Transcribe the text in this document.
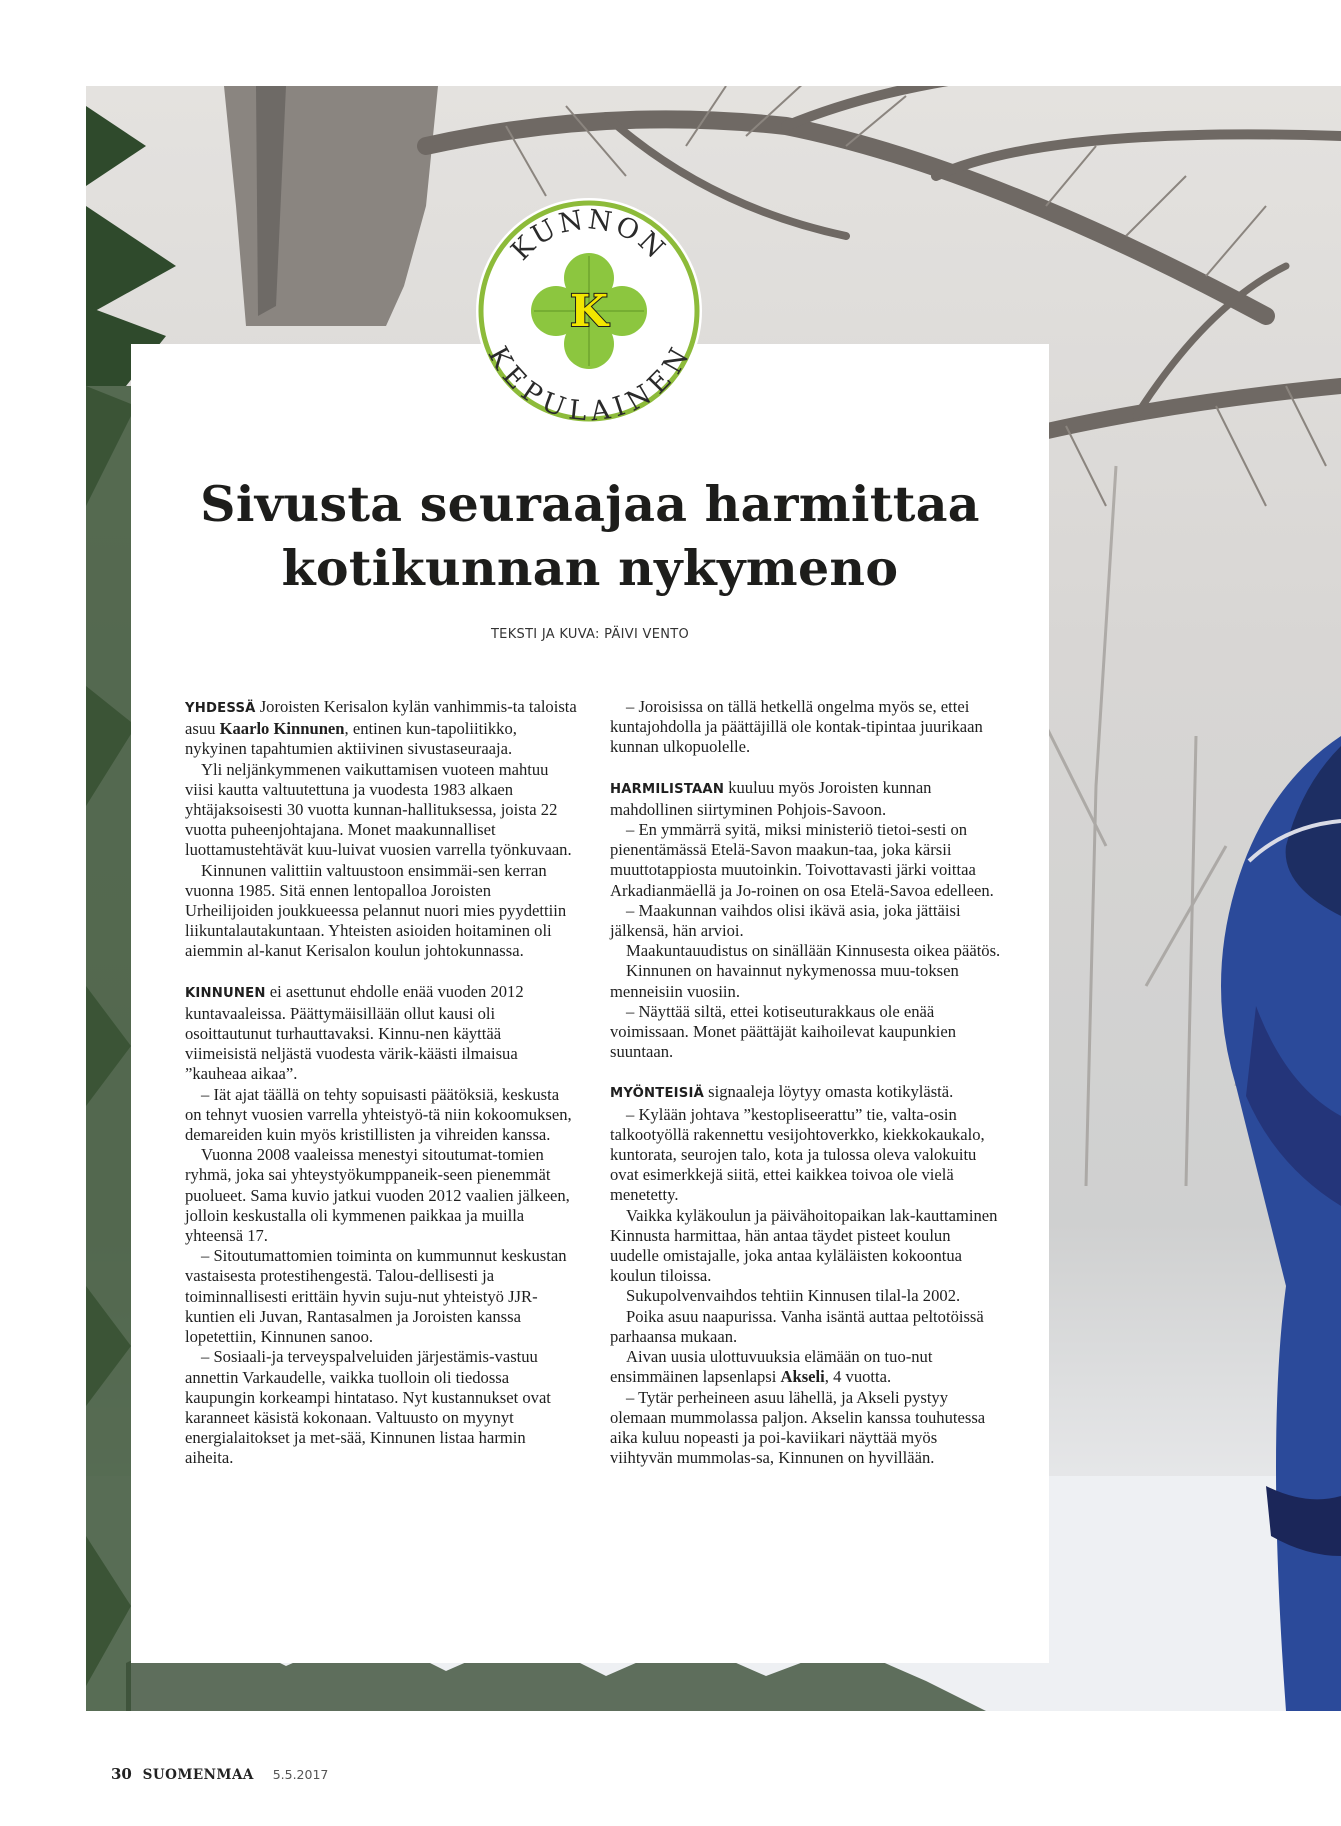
K
KUNNON
KEPULAINEN
Sivusta seuraajaa harmittaa
kotikunnan nykymeno
TEKSTI JA KUVA: PÄIVI VENTO

YHDESSÄ Joroisten Kerisalon kylän vanhimmis-ta taloista asuu Kaarlo Kinnunen, entinen kun-tapoliitikko, nykyinen tapahtumien aktiivinen sivustaseuraaja.

Yli neljänkymmenen vaikuttamisen vuoteen mahtuu viisi kautta valtuutettuna ja vuodesta 1983 alkaen yhtäjaksoisesti 30 vuotta kunnan-hallituksessa, joista 22 vuotta puheenjohtajana. Monet maakunnalliset luottamustehtävät kuu-luivat vuosien varrella työnkuvaan.

Kinnunen valittiin valtuustoon ensimmäi-sen kerran vuonna 1985. Sitä ennen lentopalloa Joroisten Urheilijoiden joukkueessa pelannut nuori mies pyydettiin liikuntalautakuntaan. Yhteisten asioiden hoitaminen oli aiemmin al-kanut Kerisalon koulun johtokunnassa.

KINNUNEN ei asettunut ehdolle enää vuoden 2012 kuntavaaleissa. Päättymäisillään ollut kausi oli osoittautunut turhauttavaksi. Kinnu-nen käyttää viimeisistä neljästä vuodesta värik-käästi ilmaisua ”kauheaa aikaa”.

– Iät ajat täällä on tehty sopuisasti päätöksiä, keskusta on tehnyt vuosien varrella yhteistyö-tä niin kokoomuksen, demareiden kuin myös kristillisten ja vihreiden kanssa.

Vuonna 2008 vaaleissa menestyi sitoutumat-tomien ryhmä, joka sai yhteystyökumppaneik-seen pienemmät puolueet. Sama kuvio jatkui vuoden 2012 vaalien jälkeen, jolloin keskustalla oli kymmenen paikkaa ja muilla yhteensä 17.

– Sitoutumattomien toiminta on kummunnut keskustan vastaisesta protestihengestä. Talou-dellisesti ja toiminnallisesti erittäin hyvin suju-nut yhteistyö JJR-kuntien eli Juvan, Rantasalmen ja Joroisten kanssa lopetettiin, Kinnunen sanoo.

– Sosiaali-ja terveyspalveluiden järjestämis-vastuu annettin Varkaudelle, vaikka tuolloin oli tiedossa kaupungin korkeampi hintataso. Nyt kustannukset ovat karanneet käsistä kokonaan. Valtuusto on myynyt energialaitokset ja met-sää, Kinnunen listaa harmin aiheita.

– Joroisissa on tällä hetkellä ongelma myös se, ettei kuntajohdolla ja päättäjillä ole kontak-tipintaa juurikaan kunnan ulkopuolelle.

HARMILISTAAN kuuluu myös Joroisten kunnan mahdollinen siirtyminen Pohjois-Savoon.

– En ymmärrä syitä, miksi ministeriö tietoi-sesti on pienentämässä Etelä-Savon maakun-taa, joka kärsii muuttotappiosta muutoinkin. Toivottavasti järki voittaa Arkadianmäellä ja Jo-roinen on osa Etelä-Savoa edelleen.

– Maakunnan vaihdos olisi ikävä asia, joka jättäisi jälkensä, hän arvioi.

Maakuntauudistus on sinällään Kinnusesta oikea päätös.

Kinnunen on havainnut nykymenossa muu-toksen menneisiin vuosiin.

– Näyttää siltä, ettei kotiseuturakkaus ole enää voimissaan. Monet päättäjät kaihoilevat kaupunkien suuntaan.

MYÖNTEISIÄ signaaleja löytyy omasta kotikylästä.

– Kylään johtava ”kestopliseerattu” tie, valta-osin talkootyöllä rakennettu vesijohtoverkko, kiekkokaukalo, kuntorata, seurojen talo, kota ja tulossa oleva valokuitu ovat esimerkkejä siitä, ettei kaikkea toivoa ole vielä menetetty.

Vaikka kyläkoulun ja päivähoitopaikan lak-kauttaminen Kinnusta harmittaa, hän antaa täydet pisteet koulun uudelle omistajalle, joka antaa kyläläisten kokoontua koulun tiloissa.

Sukupolvenvaihdos tehtiin Kinnusen tilal-la 2002.

Poika asuu naapurissa. Vanha isäntä auttaa peltotöissä parhaansa mukaan.

Aivan uusia ulottuvuuksia elämään on tuo-nut ensimmäinen lapsenlapsi Akseli, 4 vuotta.

– Tytär perheineen asuu lähellä, ja Akseli pystyy olemaan mummolassa paljon. Akselin kanssa touhutessa aika kuluu nopeasti ja poi-kaviikari näyttää myös viihtyvän mummolas-sa, Kinnunen on hyvillään.

30 SUOMENMAA 5.5.2017
